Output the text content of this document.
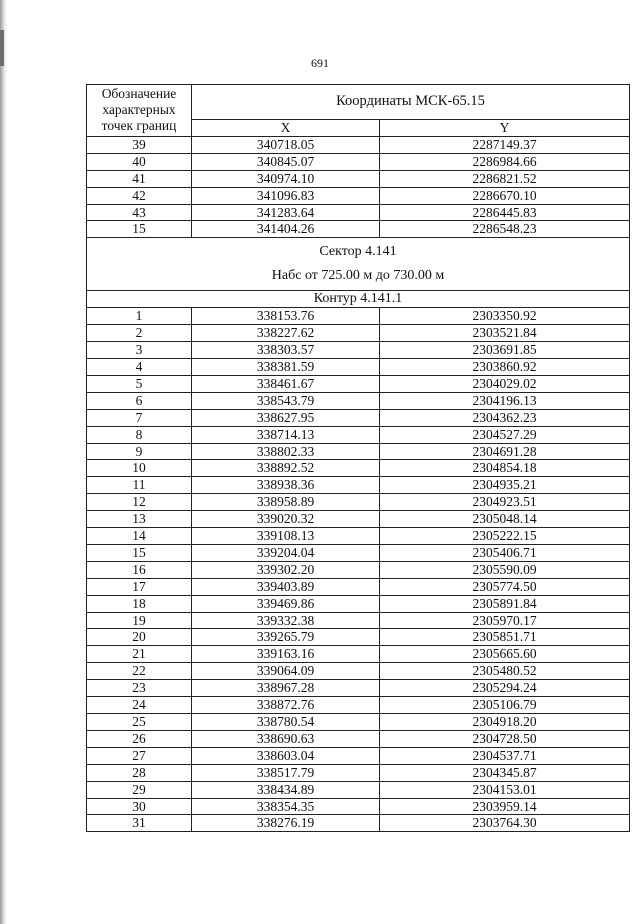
691
Обозначение характерных точек границ	Координаты МСК-65.15	
	X	Y
39	340718.05	2287149.37
40	340845.07	2286984.66
41	340974.10	2286821.52
42	341096.83	2286670.10
43	341283.64	2286445.83
15	341404.26	2286548.23

Сектор 4.141
Набс от 725.00 м до 730.00 м		

Контур 4.141.1		
1	338153.76	2303350.92
2	338227.62	2303521.84
3	338303.57	2303691.85
4	338381.59	2303860.92
5	338461.67	2304029.02
6	338543.79	2304196.13
7	338627.95	2304362.23
8	338714.13	2304527.29
9	338802.33	2304691.28
10	338892.52	2304854.18
11	338938.36	2304935.21
12	338958.89	2304923.51
13	339020.32	2305048.14
14	339108.13	2305222.15
15	339204.04	2305406.71
16	339302.20	2305590.09
17	339403.89	2305774.50
18	339469.86	2305891.84
19	339332.38	2305970.17
20	339265.79	2305851.71
21	339163.16	2305665.60
22	339064.09	2305480.52
23	338967.28	2305294.24
24	338872.76	2305106.79
25	338780.54	2304918.20
26	338690.63	2304728.50
27	338603.04	2304537.71
28	338517.79	2304345.87
29	338434.89	2304153.01
30	338354.35	2303959.14
31	338276.19	2303764.30
